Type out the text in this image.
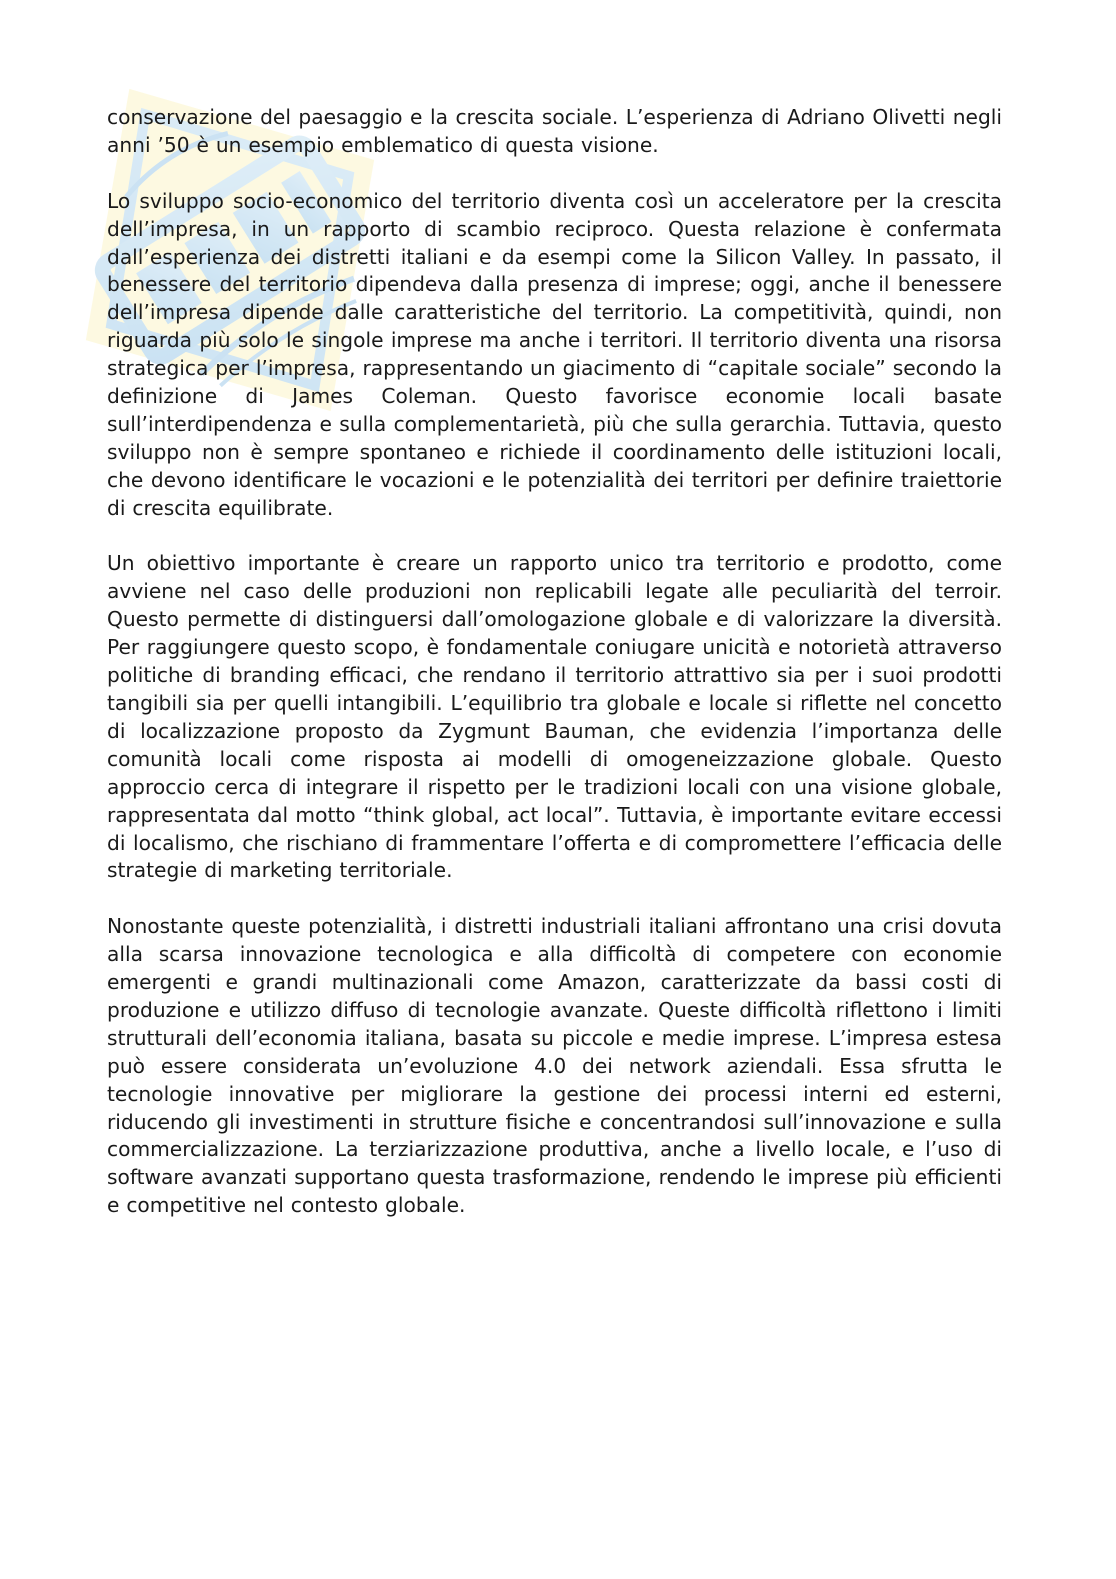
conservazione del paesaggio e la crescita sociale. L’esperienza di Adriano Olivetti negli anni ’50 è un esempio emblematico di questa visione.

Lo sviluppo socio-economico del territorio diventa così un acceleratore per la crescita dell’impresa, in un rapporto di scambio reciproco. Questa relazione è confermata dall’esperienza dei distretti italiani e da esempi come la Silicon Valley. In passato, il benessere del territorio dipendeva dalla presenza di imprese; oggi, anche il benessere dell’impresa dipende dalle caratteristiche del territorio. La competitività, quindi, non riguarda più solo le singole imprese ma anche i territori. Il territorio diventa una risorsa strategica per l’impresa, rappresentando un giacimento di “capitale sociale” secondo la definizione di James Coleman. Questo favorisce economie locali basate sull’interdipendenza e sulla complementarietà, più che sulla gerarchia. Tuttavia, questo sviluppo non è sempre spontaneo e richiede il coordinamento delle istituzioni locali, che devono identificare le vocazioni e le potenzialità dei territori per definire traiettorie di crescita equilibrate.

Un obiettivo importante è creare un rapporto unico tra territorio e prodotto, come avviene nel caso delle produzioni non replicabili legate alle peculiarità del terroir. Questo permette di distinguersi dall’omologazione globale e di valorizzare la diversità. Per raggiungere questo scopo, è fondamentale coniugare unicità e notorietà attraverso politiche di branding efficaci, che rendano il territorio attrattivo sia per i suoi prodotti tangibili sia per quelli intangibili. L’equilibrio tra globale e locale si riflette nel concetto di localizzazione proposto da Zygmunt Bauman, che evidenzia l’importanza delle comunità locali come risposta ai modelli di omogeneizzazione globale. Questo approccio cerca di integrare il rispetto per le tradizioni locali con una visione globale, rappresentata dal motto “think global, act local”. Tuttavia, è importante evitare eccessi di localismo, che rischiano di frammentare l’offerta e di compromettere l’efficacia delle strategie di marketing territoriale.

Nonostante queste potenzialità, i distretti industriali italiani affrontano una crisi dovuta alla scarsa innovazione tecnologica e alla difficoltà di competere con economie emergenti e grandi multinazionali come Amazon, caratterizzate da bassi costi di produzione e utilizzo diffuso di tecnologie avanzate. Queste difficoltà riflettono i limiti strutturali dell’economia italiana, basata su piccole e medie imprese. L’impresa estesa può essere considerata un’evoluzione 4.0 dei network aziendali. Essa sfrutta le tecnologie innovative per migliorare la gestione dei processi interni ed esterni, riducendo gli investimenti in strutture fisiche e concentrandosi sull’innovazione e sulla commercializzazione. La terziarizzazione produttiva, anche a livello locale, e l’uso di software avanzati supportano questa trasformazione, rendendo le imprese più efficienti e competitive nel contesto globale.
